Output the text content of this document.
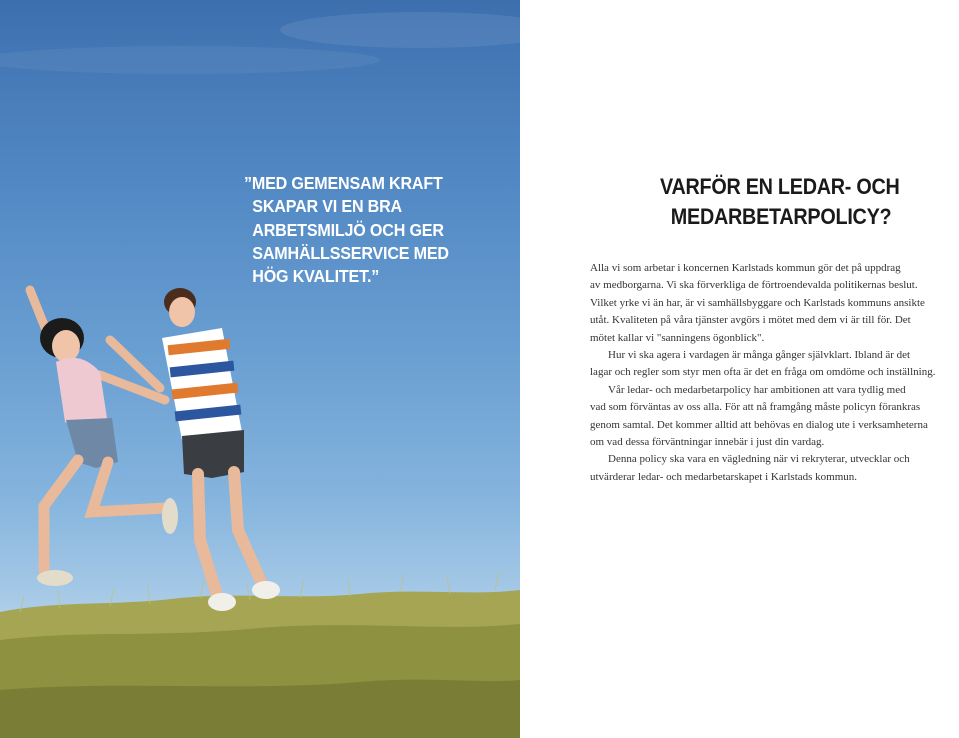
”MED GEMENSAM KRAFT
SKAPAR VI EN BRA
ARBETSMILJÖ OCH GER
SAMHÄLLSSERVICE MED
HÖG KVALITET.”
VARFÖR EN LEDAR- OCH
MEDARBETARPOLICY?
Alla vi som arbetar i koncernen Karlstads kommun gör det på uppdrag
av medborgarna. Vi ska förverkliga de förtroendevalda politikernas beslut.
Vilket yrke vi än har, är vi samhällsbyggare och Karlstads kommuns ansikte
utåt. Kvaliteten på våra tjänster avgörs i mötet med dem vi är till för. Det
mötet kallar vi "sanningens ögonblick".
Hur vi ska agera i vardagen är många gånger självklart. Ibland är det
lagar och regler som styr men ofta är det en fråga om omdöme och inställning.
Vår ledar- och medarbetarpolicy har ambitionen att vara tydlig med
vad som förväntas av oss alla. För att nå framgång måste policyn förankras
genom samtal. Det kommer alltid att behövas en dialog ute i verksamheterna
om vad dessa förväntningar innebär i just din vardag.
Denna policy ska vara en vägledning när vi rekryterar, utvecklar och
utvärderar ledar- och medarbetarskapet i Karlstads kommun.
